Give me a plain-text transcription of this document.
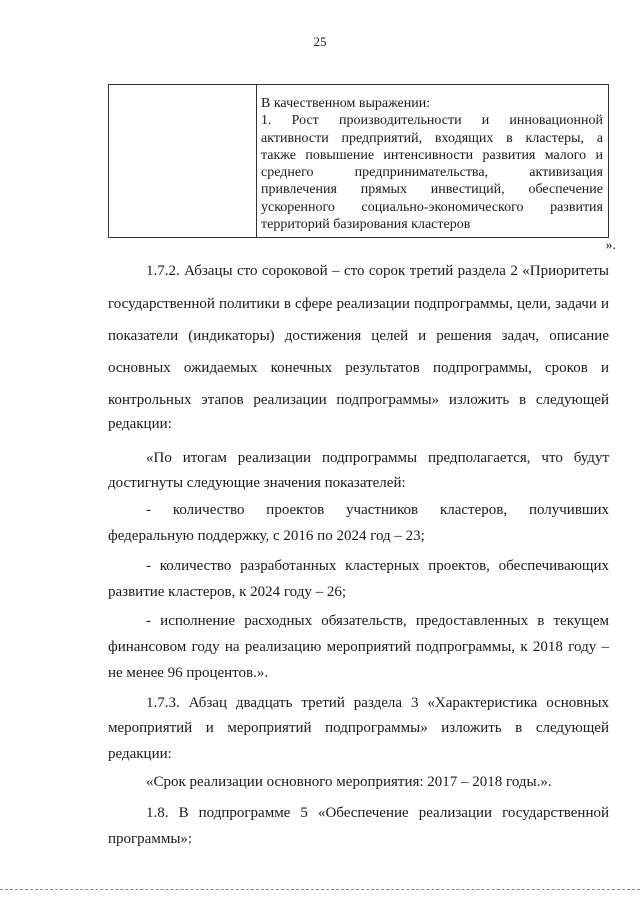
25
В качественном выражении:
1. Рост производительности и инновационной
активности предприятий, входящих в кластеры, а
также повышение интенсивности развития малого и
среднего предпринимательства, активизация
привлечения прямых инвестиций, обеспечение
ускоренного социально-экономического развития
территорий базирования кластеров
».
1.7.2. Абзацы сто сороковой – сто сорок третий раздела 2 «Приоритеты
государственной политики в сфере реализации подпрограммы, цели, задачи и
показатели (индикаторы) достижения целей и решения задач, описание
основных ожидаемых конечных результатов подпрограммы, сроков и
контрольных этапов реализации подпрограммы» изложить в следующей
редакции:
«По итогам реализации подпрограммы предполагается, что будут
достигнуты следующие значения показателей:
- количество проектов участников кластеров, получивших
федеральную поддержку, с 2016 по 2024 год – 23;
- количество разработанных кластерных проектов, обеспечивающих
развитие кластеров, к 2024 году – 26;
- исполнение расходных обязательств, предоставленных в текущем
финансовом году на реализацию мероприятий подпрограммы, к 2018 году –
не менее 96 процентов.».
1.7.3. Абзац двадцать третий раздела 3 «Характеристика основных
мероприятий и мероприятий подпрограммы» изложить в следующей
редакции:
«Срок реализации основного мероприятия: 2017 – 2018 годы.».
1.8. В подпрограмме 5 «Обеспечение реализации государственной
программы»:
